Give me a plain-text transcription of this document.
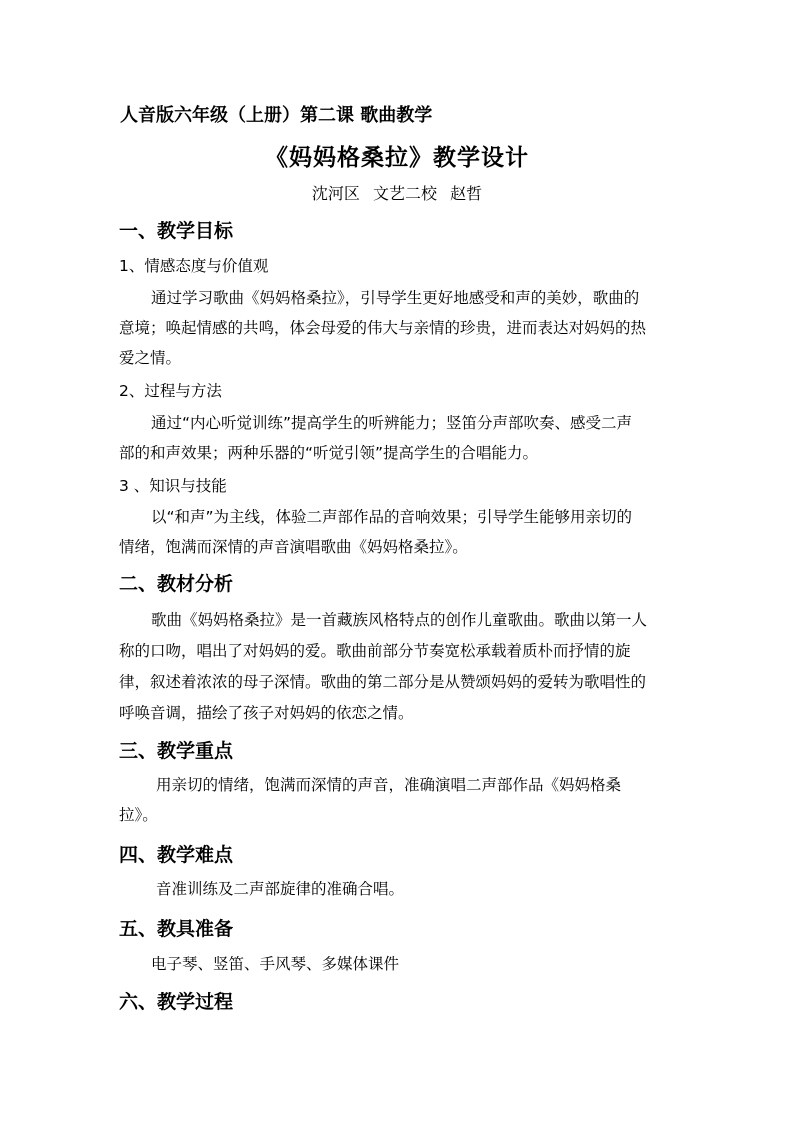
人音版六年级（上册）第二课 歌曲教学
《妈妈格桑拉》教学设计
沈河区 文艺二校 赵哲
一、教学目标
1、情感态度与价值观
通过学习歌曲《妈妈格桑拉》，引导学生更好地感受和声的美妙，歌曲的
意境；唤起情感的共鸣，体会母爱的伟大与亲情的珍贵，进而表达对妈妈的热
爱之情。
2、过程与方法
通过“内心听觉训练”提高学生的听辨能力；竖笛分声部吹奏、感受二声
部的和声效果；两种乐器的“听觉引领”提高学生的合唱能力。
3 、知识与技能
以“和声”为主线，体验二声部作品的音响效果；引导学生能够用亲切的
情绪，饱满而深情的声音演唱歌曲《妈妈格桑拉》。
二、教材分析
歌曲《妈妈格桑拉》是一首藏族风格特点的创作儿童歌曲。歌曲以第一人
称的口吻，唱出了对妈妈的爱。歌曲前部分节奏宽松承载着质朴而抒情的旋
律，叙述着浓浓的母子深情。歌曲的第二部分是从赞颂妈妈的爱转为歌唱性的
呼唤音调，描绘了孩子对妈妈的依恋之情。
三、教学重点
用亲切的情绪，饱满而深情的声音，准确演唱二声部作品《妈妈格桑
拉》。
四、教学难点
音准训练及二声部旋律的准确合唱。
五、教具准备
电子琴、竖笛、手风琴、多媒体课件
六、教学过程
